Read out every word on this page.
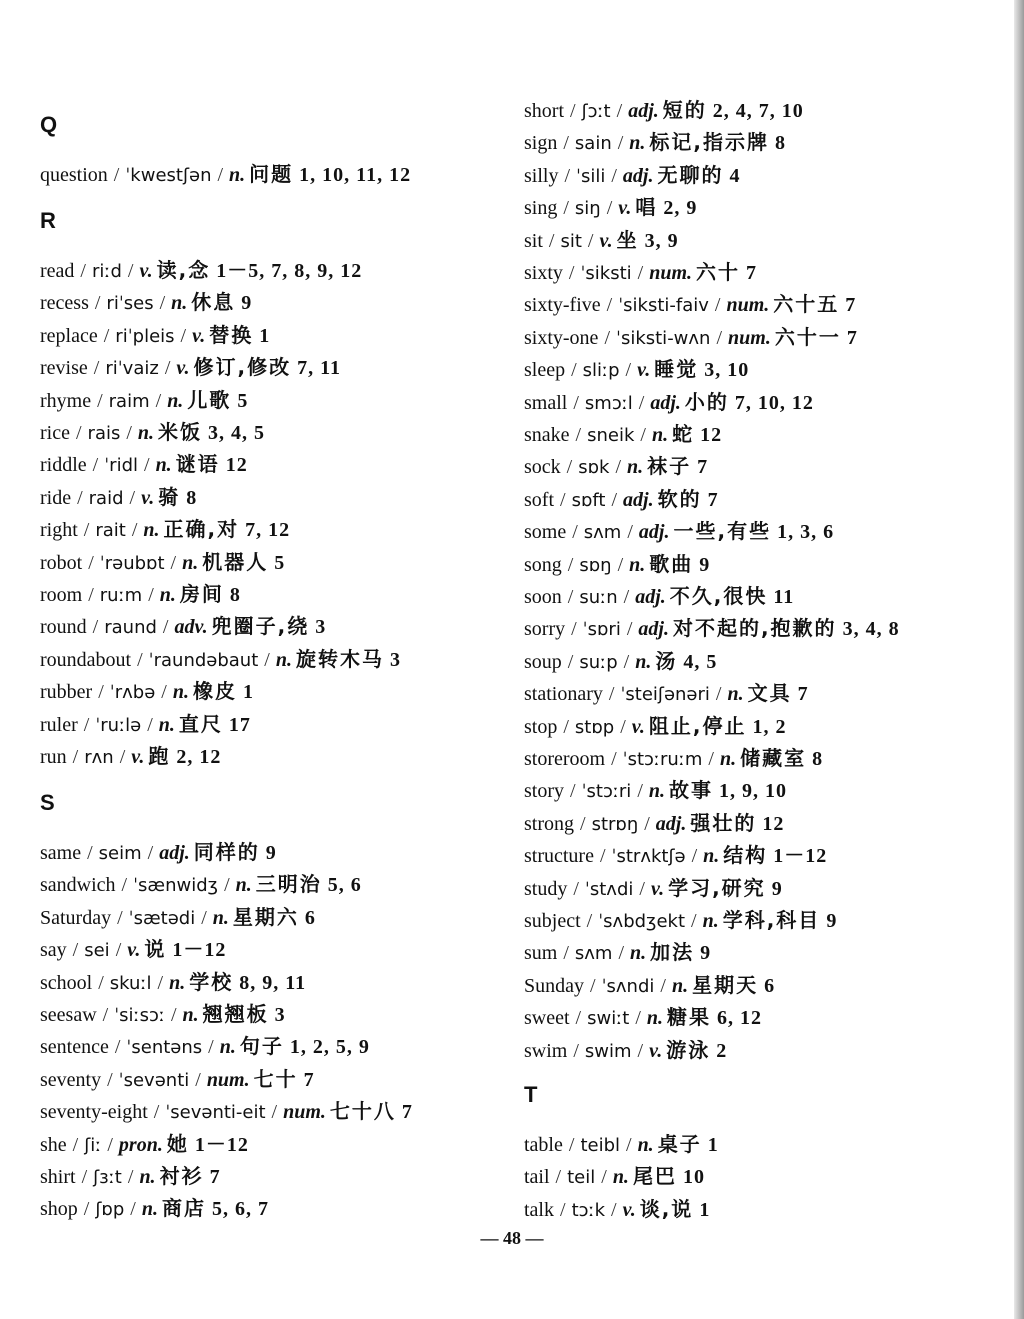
Q
question / ˈkwestʃən / n. 问题 1, 10, 11, 12
R
read / riːd / v. 读,念 1－5, 7, 8, 9, 12
recess / riˈses / n. 休息 9
replace / riˈpleis / v. 替换 1
revise / riˈvaiz / v. 修订,修改 7, 11
rhyme / raim / n. 儿歌 5
rice / rais / n. 米饭 3, 4, 5
riddle / ˈridl / n. 谜语 12
ride / raid / v. 骑 8
right / rait / n. 正确,对 7, 12
robot / ˈrəubɒt / n. 机器人 5
room / ruːm / n. 房间 8
round / raund / adv. 兜圈子,绕 3
roundabout / ˈraundəbaut / n. 旋转木马 3
rubber / ˈrʌbə / n. 橡皮 1
ruler / ˈruːlə / n. 直尺 17
run / rʌn / v. 跑 2, 12
S
same / seim / adj. 同样的 9
sandwich / ˈsænwidʒ / n. 三明治 5, 6
Saturday / ˈsætədi / n. 星期六 6
say / sei / v. 说 1－12
school / skuːl / n. 学校 8, 9, 11
seesaw / ˈsiːsɔː / n. 翘翘板 3
sentence / ˈsentəns / n. 句子 1, 2, 5, 9
seventy / ˈsevənti / num. 七十 7
seventy-eight / ˈsevənti-eit / num. 七十八 7
she / ʃiː / pron. 她 1－12
shirt / ʃɜːt / n. 衬衫 7
shop / ʃɒp / n. 商店 5, 6, 7
short / ʃɔːt / adj. 短的 2, 4, 7, 10
sign / sain / n. 标记,指示牌 8
silly / ˈsili / adj. 无聊的 4
sing / siŋ / v. 唱 2, 9
sit / sit / v. 坐 3, 9
sixty / ˈsiksti / num. 六十 7
sixty-five / ˈsiksti-faiv / num. 六十五 7
sixty-one / ˈsiksti-wʌn / num. 六十一 7
sleep / sliːp / v. 睡觉 3, 10
small / smɔːl / adj. 小的 7, 10, 12
snake / sneik / n. 蛇 12
sock / sɒk / n. 袜子 7
soft / sɒft / adj. 软的 7
some / sʌm / adj. 一些,有些 1, 3, 6
song / sɒŋ / n. 歌曲 9
soon / suːn / adj. 不久,很快 11
sorry / ˈsɒri / adj. 对不起的,抱歉的 3, 4, 8
soup / suːp / n. 汤 4, 5
stationary / ˈsteiʃənəri / n. 文具 7
stop / stɒp / v. 阻止,停止 1, 2
storeroom / ˈstɔːruːm / n. 储藏室 8
story / ˈstɔːri / n. 故事 1, 9, 10
strong / strɒŋ / adj. 强壮的 12
structure / ˈstrʌktʃə / n. 结构 1－12
study / ˈstʌdi / v. 学习,研究 9
subject / ˈsʌbdʒekt / n. 学科,科目 9
sum / sʌm / n. 加法 9
Sunday / ˈsʌndi / n. 星期天 6
sweet / swiːt / n. 糖果 6, 12
swim / swim / v. 游泳 2
T
table / teibl / n. 桌子 1
tail / teil / n. 尾巴 10
talk / tɔːk / v. 谈,说 1
— 48 —
